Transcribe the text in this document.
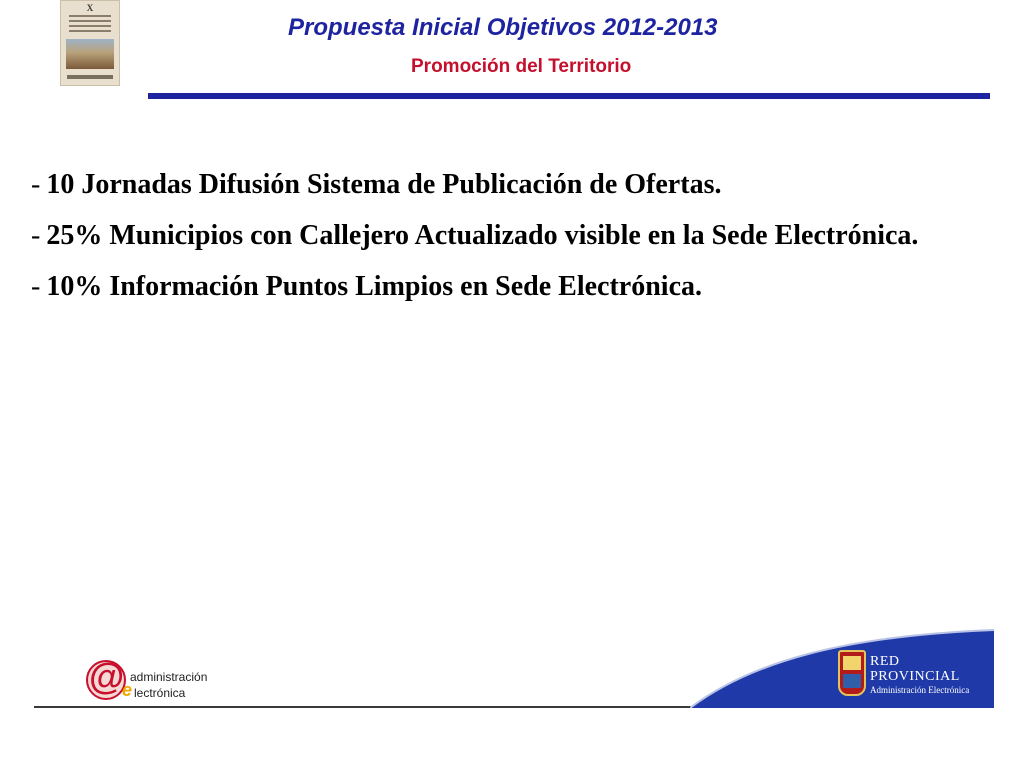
X
Propuesta Inicial Objetivos 2012-2013
Promoción del Territorio
- 10 Jornadas Difusión Sistema de Publicación de Ofertas.
- 25% Municipios con Callejero Actualizado visible en la Sede Electrónica.
- 10% Información Puntos Limpios en Sede Electrónica.
@
e
administración
lectrónica
RED
PROVINCIAL
Administración Electrónica
